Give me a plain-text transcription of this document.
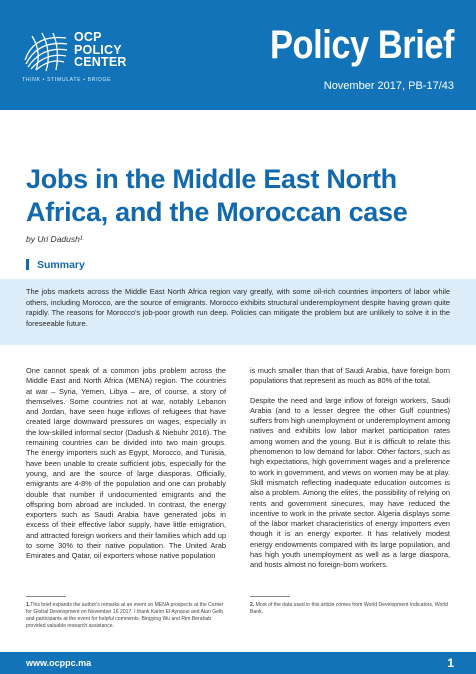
OCP
POLICY
CENTER
THINK • STIMULATE • BRIDGE
Policy Brief
November 2017, PB-17/43
Jobs in the Middle East North Africa, and the Moroccan case
by Uri Dadush¹
Summary
The jobs markets across the Middle East North Africa region vary greatly, with some oil-rich countries importers of labor while others, including Morocco, are the source of emigrants. Morocco exhibits structural underemployment despite having grown quite rapidly. The reasons for Morocco's job-poor growth run deep. Policies can mitigate the problem but are unlikely to solve it in the foreseeable future.

One cannot speak of a common jobs problem across the Middle East and North Africa (MENA) region. The countries at war – Syria, Yemen, Libya – are, of course, a story of themselves. Some countries not at war, notably Lebanon and Jordan, have seen huge inflows of refugees that have created large downward pressures on wages, especially in the low-skilled informal sector (Dadush & Niebuhr 2016). The remaining countries can be divided into two main groups. The energy importers such as Egypt, Morocco, and Tunisia, have been unable to create sufficient jobs, especially for the young, and are the source of large diasporas. Officially, emigrants are 4-8% of the population and one can probably double that number if undocumented emigrants and the offspring born abroad are included. In contrast, the energy exporters such as Saudi Arabia have generated jobs in excess of their effective labor supply, have little emigration, and attracted foreign workers and their families which add up to some 30% to their native population. The United Arab Emirates and Qatar, oil exporters whose native population

is much smaller than that of Saudi Arabia, have foreign born populations that represent as much as 80% of the total.

Despite the need and large inflow of foreign workers, Saudi Arabia (and to a lesser degree the other Gulf countries) suffers from high unemployment or underemployment among natives and exhibits low labor market participation rates among women and the young. But it is difficult to relate this phenomenon to low demand for labor. Other factors, such as high expectations, high government wages and a preference to work in government, and views on women may be at play. Skill mismatch reflecting inadequate education outcomes is also a problem. Among the elites, the possibility of relying on rents and government sinecures, may have reduced the incentive to work in the private sector. Algeria displays some of the labor market characteristics of energy importers even though it is an energy exporter. It has relatively modest energy endowments compared with its large population, and has high youth unemployment as well as a large diaspora, and hosts almost no foreign-born workers.

1.This brief expands the author's remarks at an event on MENA prospects at the Center for Global Development on November 16 2017. I thank Karim El Aynaoui and Alan Gelb and participants at the event for helpful comments. Bingying Wu and Rim Berahab provided valuable research assistance.
2. Most of the data used in this article comes from World Development Indicators, World Bank.
www.ocppc.ma	1
